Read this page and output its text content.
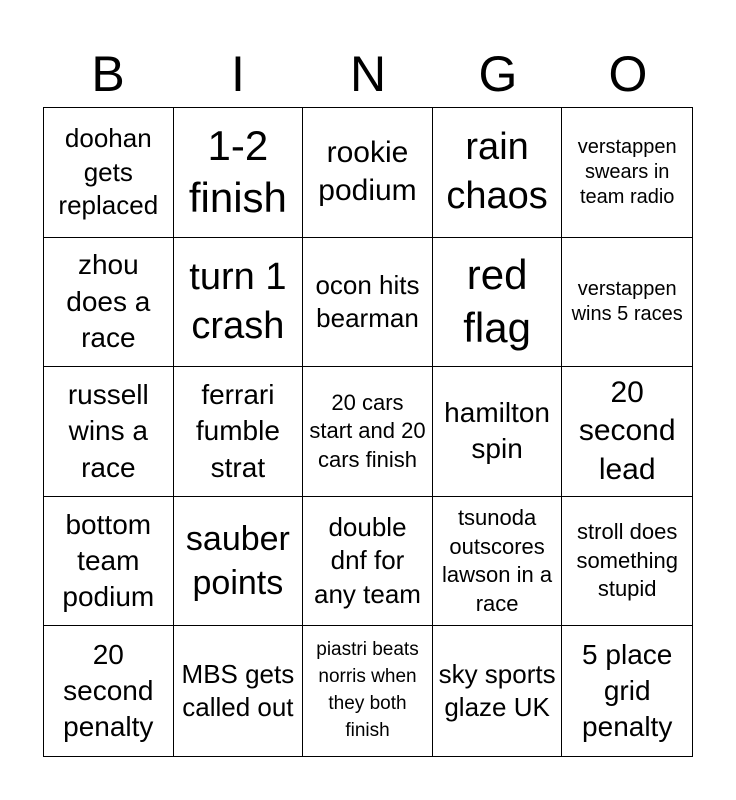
B	I	N	G	O
doohan gets replaced
1-2 finish
rookie podium
rain chaos
verstappen swears in team radio
zhou does a race
turn 1 crash
ocon hits bearman
red flag
verstappen wins 5 races
russell wins a race
ferrari fumble strat
20 cars start and 20 cars finish
hamilton spin
20 second lead
bottom team podium
sauber points
double dnf for any team
tsunoda outscores lawson in a race
stroll does something stupid
20 second penalty
MBS gets called out
piastri beats norris when they both finish
sky sports glaze UK
5 place grid penalty
